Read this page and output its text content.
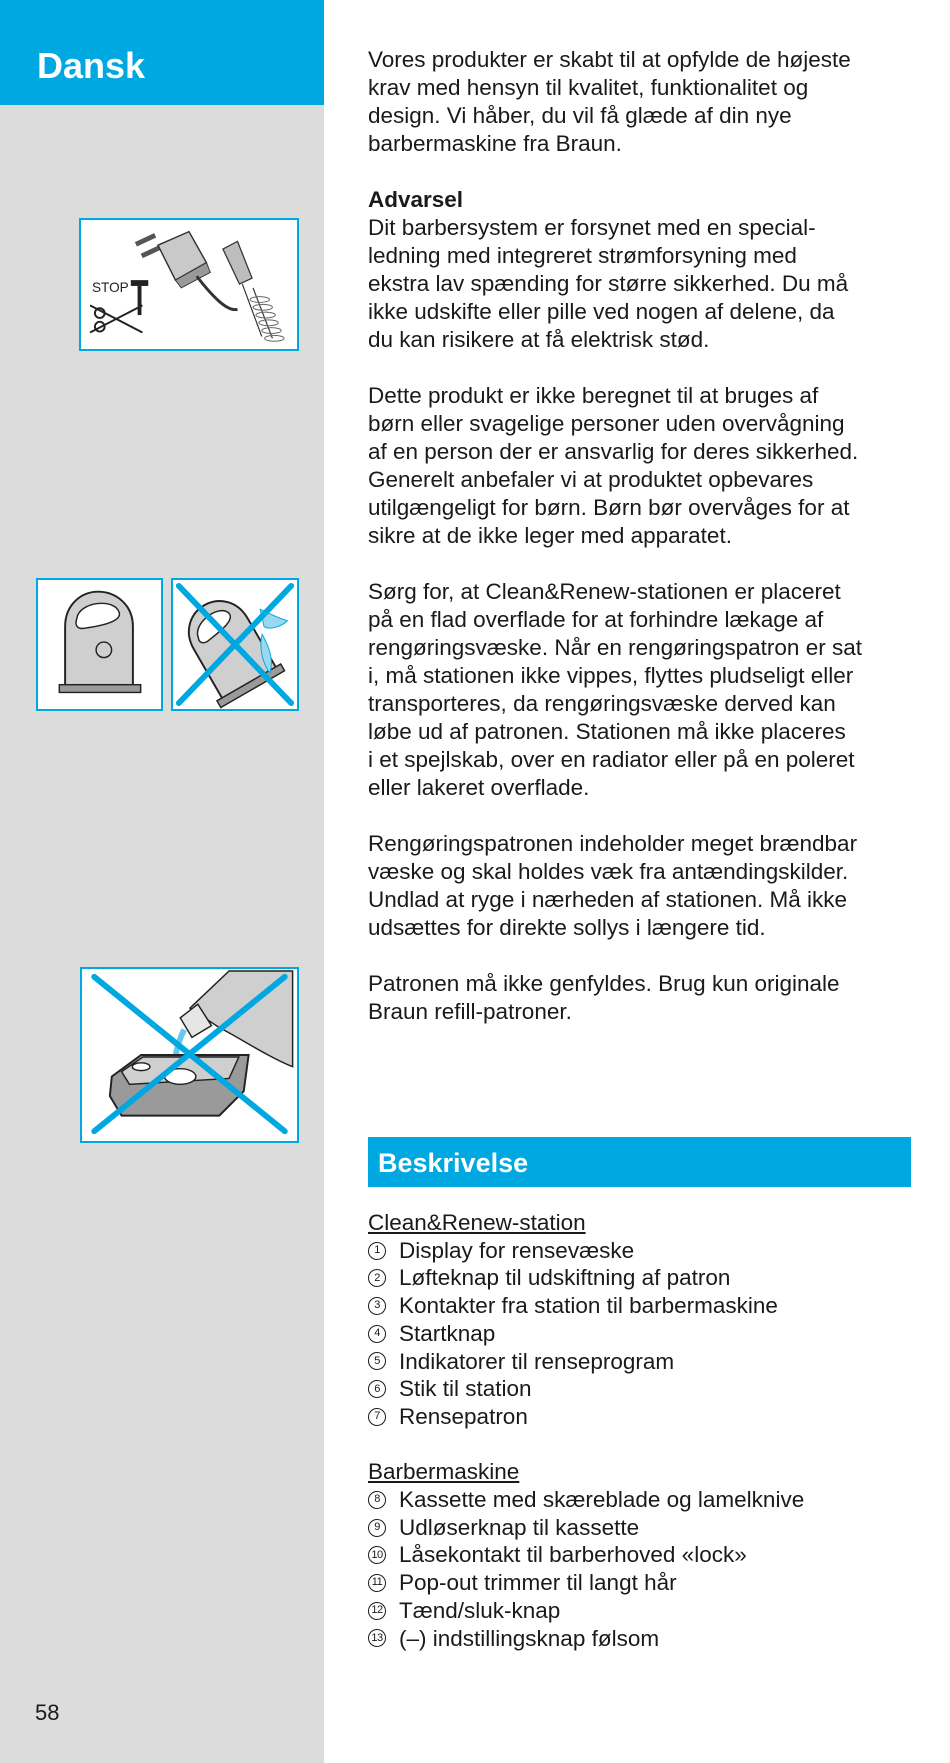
Dansk
STOP
58

Vores produkter er skabt til at opfylde de højeste
krav med hensyn til kvalitet, funktionalitet og
design. Vi håber, du vil få glæde af din nye
barbermaskine fra Braun.

Advarsel
Dit barbersystem er forsynet med en special-
ledning med integreret strømforsyning med
ekstra lav spænding for større sikkerhed. Du må
ikke udskifte eller pille ved nogen af delene, da
du kan risikere at få elektrisk stød.

Dette produkt er ikke beregnet til at bruges af
børn eller svagelige personer uden overvågning
af en person der er ansvarlig for deres sikkerhed.
Generelt anbefaler vi at produktet opbevares
utilgængeligt for børn. Børn bør overvåges for at
sikre at de ikke leger med apparatet.

Sørg for, at Clean&Renew-stationen er placeret
på en flad overflade for at forhindre lækage af
rengøringsvæske. Når en rengøringspatron er sat
i, må stationen ikke vippes, flyttes pludseligt eller
transporteres, da rengøringsvæske derved kan
løbe ud af patronen. Stationen må ikke placeres
i et spejlskab, over en radiator eller på en poleret
eller lakeret overflade.

Rengøringspatronen indeholder meget brændbar
væske og skal holdes væk fra antændingskilder.
Undlad at ryge i nærheden af stationen. Må ikke
udsættes for direkte sollys i længere tid.

Patronen må ikke genfyldes. Brug kun originale
Braun refill-patroner.

Beskrivelse
Clean&Renew-station
1 Display for rensevæske
2 Løfteknap til udskiftning af patron
3 Kontakter fra station til barbermaskine
4 Startknap
5 Indikatorer til renseprogram
6 Stik til station
7 Rensepatron
Barbermaskine
8 Kassette med skæreblade og lamelknive
9 Udløserknap til kassette
10 Låsekontakt til barberhoved «lock»
11 Pop-out trimmer til langt hår
12 Tænd/sluk-knap
13 (–) indstillingsknap følsom
